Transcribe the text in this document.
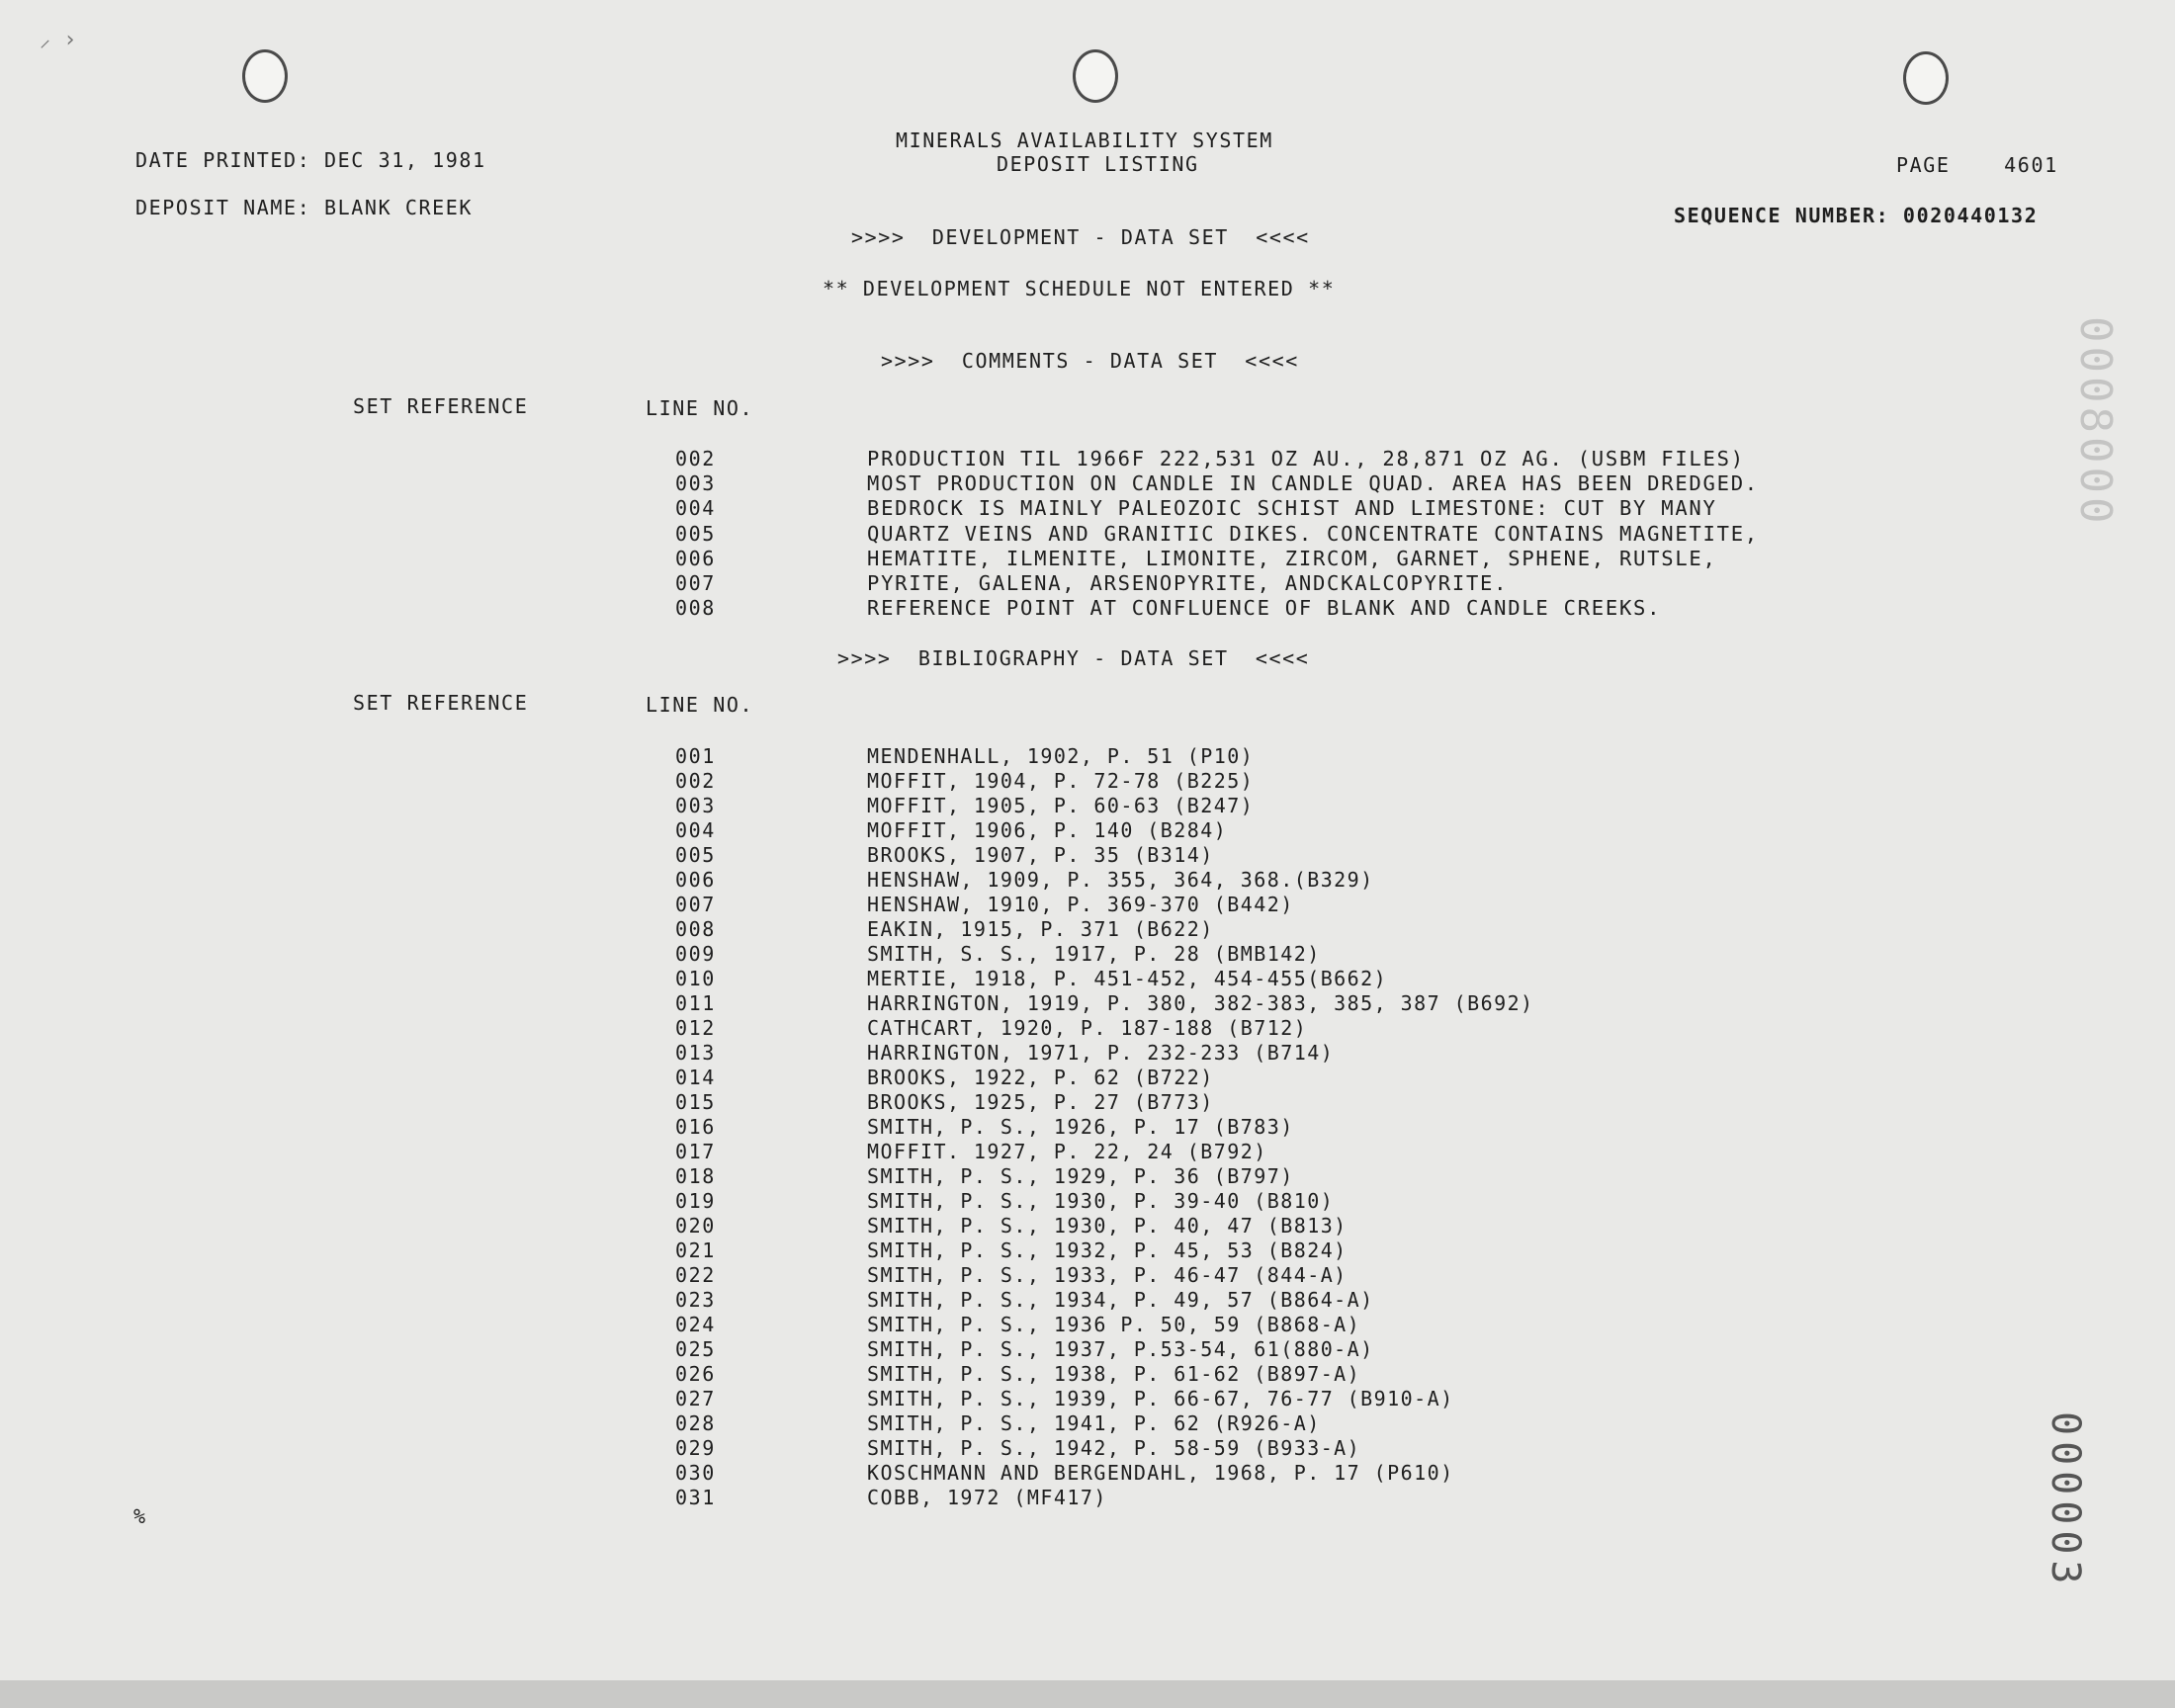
⸝ ›
MINERALS AVAILABILITY SYSTEM
DEPOSIT LISTING
DATE PRINTED: DEC 31, 1981
DEPOSIT NAME: BLANK CREEK
PAGE	4601
SEQUENCE NUMBER: 0020440132
>>>>  DEVELOPMENT - DATA SET  <<<<
** DEVELOPMENT SCHEDULE NOT ENTERED **
>>>>  COMMENTS - DATA SET  <<<<
SET REFERENCE	LINE NO.
002	PRODUCTION TIL 1966F 222,531 OZ AU., 28,871 OZ AG. (USBM FILES)
003	MOST PRODUCTION ON CANDLE IN CANDLE QUAD. AREA HAS BEEN DREDGED.
004	BEDROCK IS MAINLY PALEOZOIC SCHIST AND LIMESTONE: CUT BY MANY
005	QUARTZ VEINS AND GRANITIC DIKES. CONCENTRATE CONTAINS MAGNETITE,
006	HEMATITE, ILMENITE, LIMONITE, ZIRCOM, GARNET, SPHENE, RUTSLE,
007	PYRITE, GALENA, ARSENOPYRITE, ANDCKALCOPYRITE.
008	REFERENCE POINT AT CONFLUENCE OF BLANK AND CANDLE CREEKS.
>>>>  BIBLIOGRAPHY - DATA SET  <<<<
SET REFERENCE	LINE NO.
001	MENDENHALL, 1902, P. 51 (P10)
002	MOFFIT, 1904, P. 72-78 (B225)
003	MOFFIT, 1905, P. 60-63 (B247)
004	MOFFIT, 1906, P. 140 (B284)
005	BROOKS, 1907, P. 35 (B314)
006	HENSHAW, 1909, P. 355, 364, 368.(B329)
007	HENSHAW, 1910, P. 369-370 (B442)
008	EAKIN, 1915, P. 371 (B622)
009	SMITH, S. S., 1917, P. 28 (BMB142)
010	MERTIE, 1918, P. 451-452, 454-455(B662)
011	HARRINGTON, 1919, P. 380, 382-383, 385, 387 (B692)
012	CATHCART, 1920, P. 187-188 (B712)
013	HARRINGTON, 1971, P. 232-233 (B714)
014	BROOKS, 1922, P. 62 (B722)
015	BROOKS, 1925, P. 27 (B773)
016	SMITH, P. S., 1926, P. 17 (B783)
017	MOFFIT. 1927, P. 22, 24 (B792)
018	SMITH, P. S., 1929, P. 36 (B797)
019	SMITH, P. S., 1930, P. 39-40 (B810)
020	SMITH, P. S., 1930, P. 40, 47 (B813)
021	SMITH, P. S., 1932, P. 45, 53 (B824)
022	SMITH, P. S., 1933, P. 46-47 (844-A)
023	SMITH, P. S., 1934, P. 49, 57 (B864-A)
024	SMITH, P. S., 1936 P. 50, 59 (B868-A)
025	SMITH, P. S., 1937, P.53-54, 61(880-A)
026	SMITH, P. S., 1938, P. 61-62 (B897-A)
027	SMITH, P. S., 1939, P. 66-67, 76-77 (B910-A)
028	SMITH, P. S., 1941, P. 62 (R926-A)
029	SMITH, P. S., 1942, P. 58-59 (B933-A)
030	KOSCHMANN AND BERGENDAHL, 1968, P. 17 (P610)
031	COBB, 1972 (MF417)
%
0008000
000003
